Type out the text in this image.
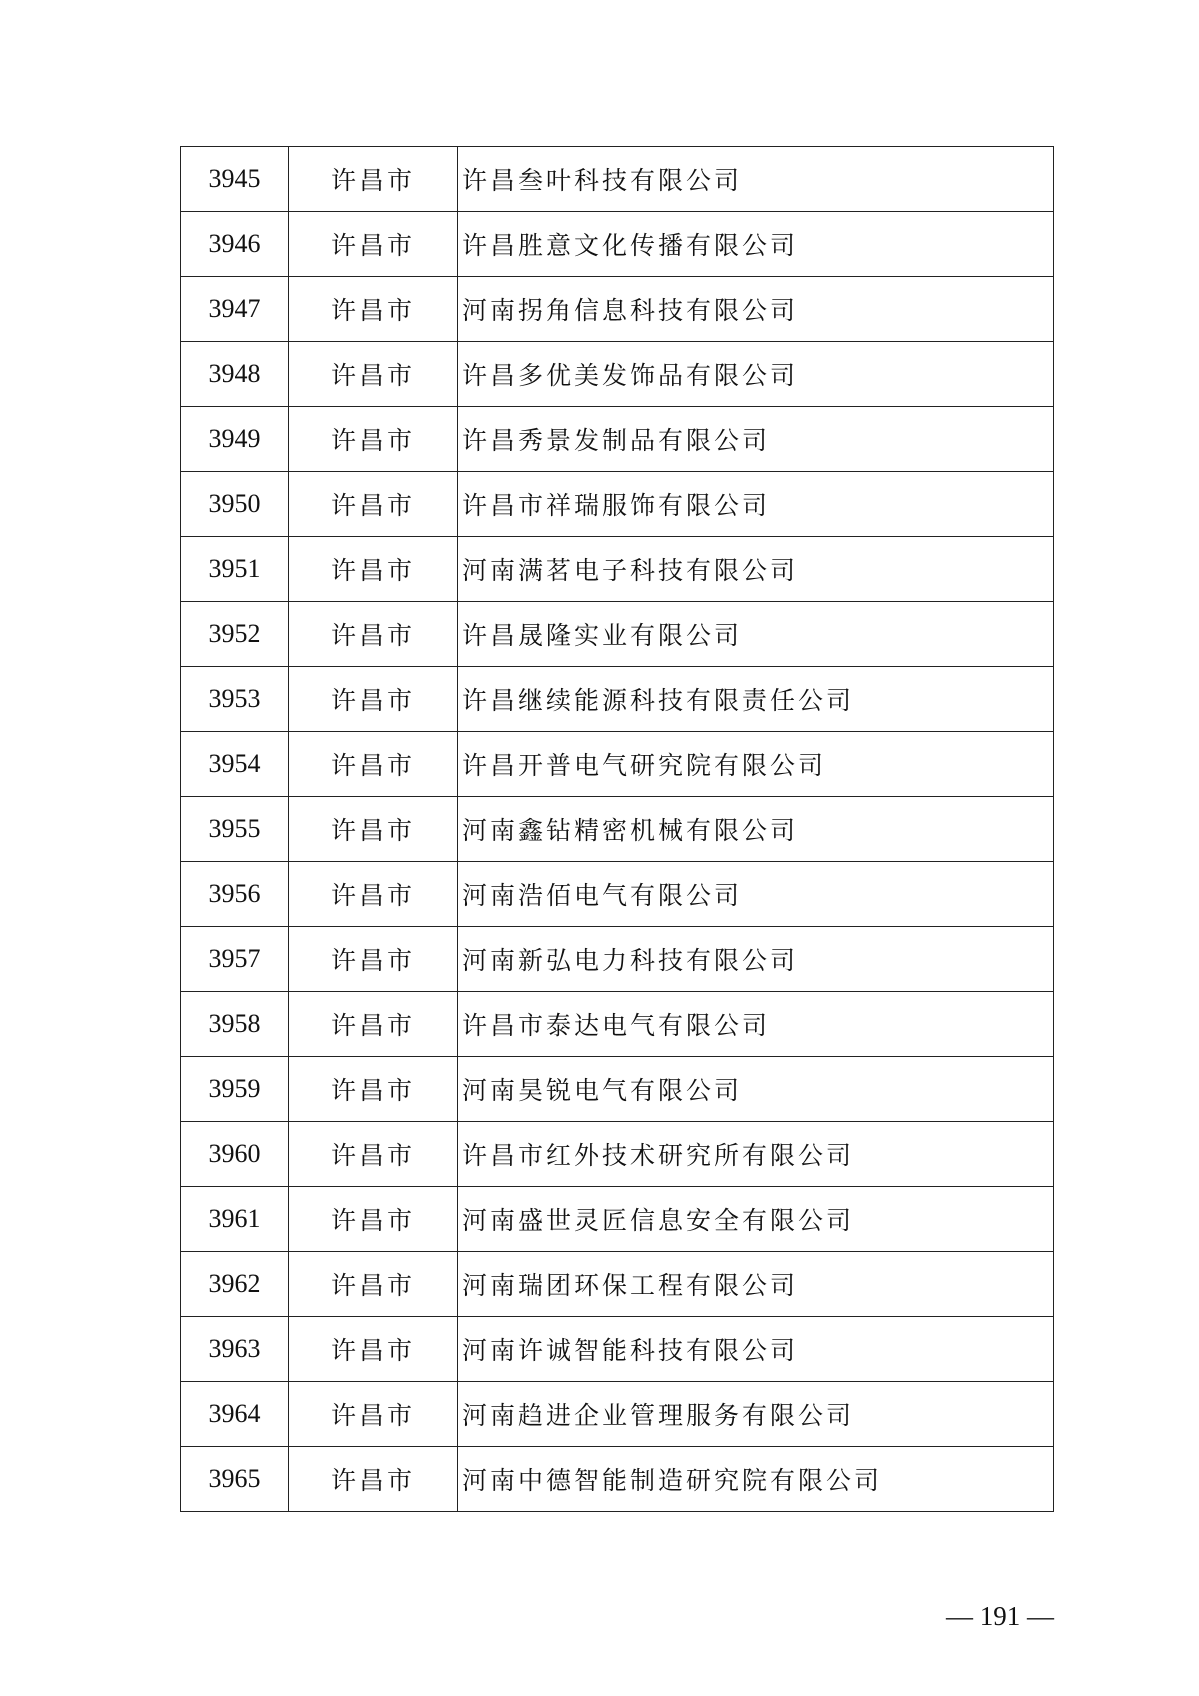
3945	许昌市	许昌叁叶科技有限公司
3946	许昌市	许昌胜意文化传播有限公司
3947	许昌市	河南拐角信息科技有限公司
3948	许昌市	许昌多优美发饰品有限公司
3949	许昌市	许昌秀景发制品有限公司
3950	许昌市	许昌市祥瑞服饰有限公司
3951	许昌市	河南满茗电子科技有限公司
3952	许昌市	许昌晟隆实业有限公司
3953	许昌市	许昌继续能源科技有限责任公司
3954	许昌市	许昌开普电气研究院有限公司
3955	许昌市	河南鑫钻精密机械有限公司
3956	许昌市	河南浩佰电气有限公司
3957	许昌市	河南新弘电力科技有限公司
3958	许昌市	许昌市泰达电气有限公司
3959	许昌市	河南昊锐电气有限公司
3960	许昌市	许昌市红外技术研究所有限公司
3961	许昌市	河南盛世灵匠信息安全有限公司
3962	许昌市	河南瑞团环保工程有限公司
3963	许昌市	河南许诚智能科技有限公司
3964	许昌市	河南趋进企业管理服务有限公司
3965	许昌市	河南中德智能制造研究院有限公司
— 191 —
